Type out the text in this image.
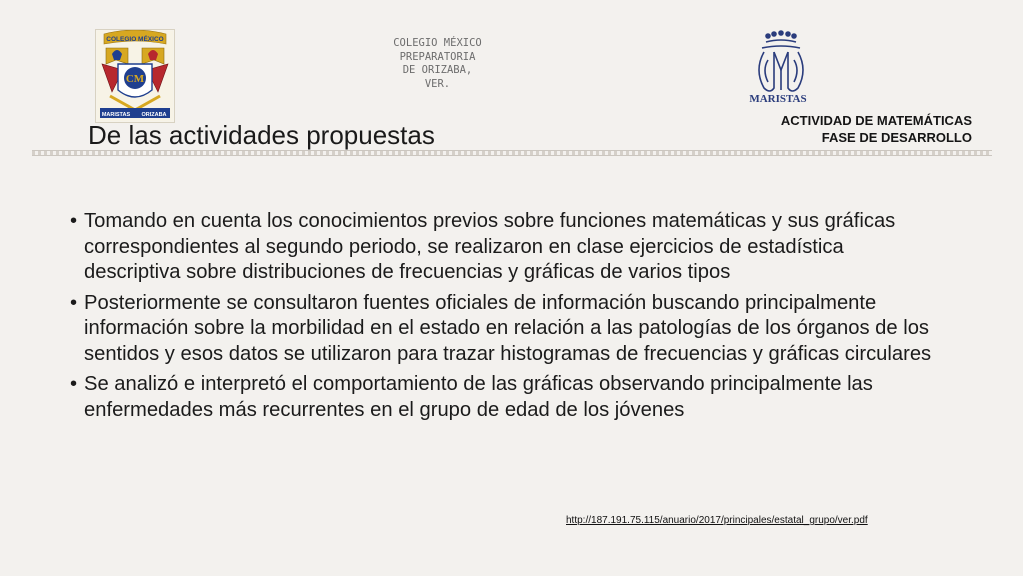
COLEGIO MÉXICO
CM
MARISTAS ORIZABA
COLEGIO MÉXICO
PREPARATORIA
DE ORIZABA,
VER.
MARISTAS
ACTIVIDAD DE MATEMÁTICAS
FASE DE DESARROLLO
De las actividades propuestas
• Tomando en cuenta los conocimientos previos sobre funciones matemáticas y sus gráficas correspondientes al segundo periodo, se realizaron en clase ejercicios de estadística descriptiva sobre distribuciones de frecuencias y gráficas de varios tipos
• Posteriormente se consultaron fuentes oficiales de información buscando principalmente información sobre la morbilidad en el estado en relación a las patologías de los órganos de los sentidos y esos datos se utilizaron para trazar histogramas de frecuencias y gráficas circulares
• Se analizó e interpretó el comportamiento de las gráficas observando principalmente las enfermedades más recurrentes en el grupo de edad de los jóvenes
http://187.191.75.115/anuario/2017/principales/estatal_grupo/ver.pdf
